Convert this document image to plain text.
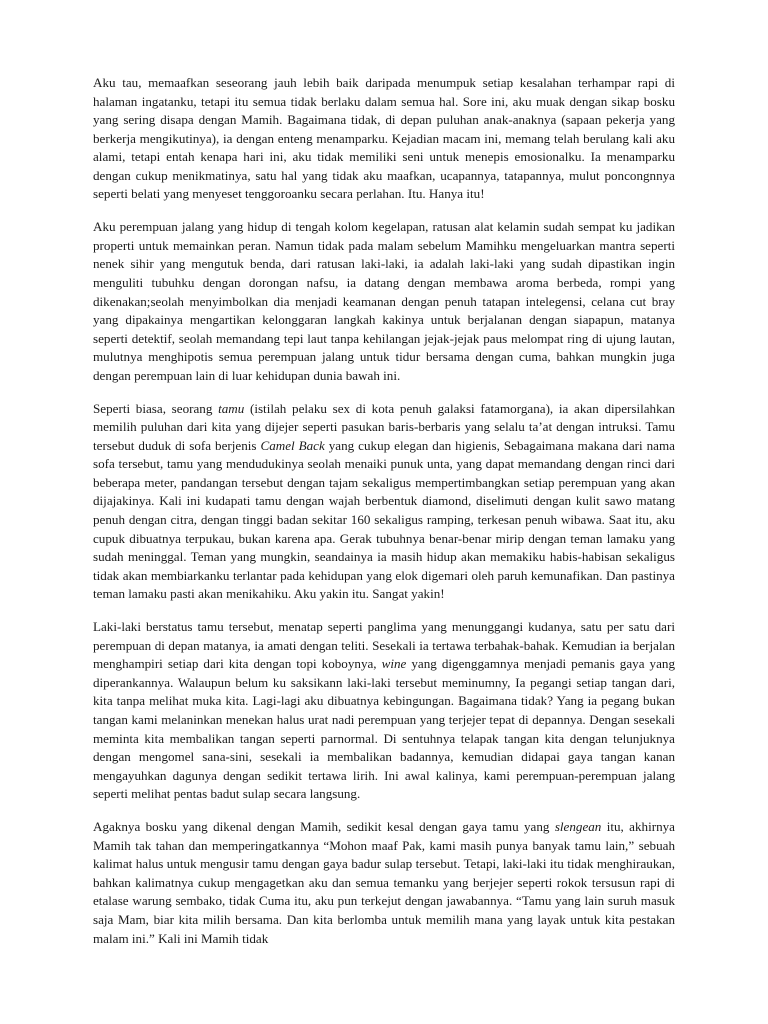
Aku tau, memaafkan seseorang jauh lebih baik daripada menumpuk setiap kesalahan terhampar rapi di halaman ingatanku, tetapi itu semua tidak berlaku dalam semua hal. Sore ini, aku muak dengan sikap bosku yang sering disapa dengan Mamih. Bagaimana tidak, di depan puluhan anak-anaknya (sapaan pekerja yang berkerja mengikutinya), ia dengan enteng menamparku. Kejadian macam ini, memang telah berulang kali aku alami, tetapi entah kenapa hari ini, aku tidak memiliki seni untuk menepis emosionalku. Ia menamparku dengan cukup menikmatinya, satu hal yang tidak aku maafkan, ucapannya, tatapannya, mulut poncongnnya seperti belati yang menyeset tenggoroanku secara perlahan. Itu. Hanya itu!

Aku perempuan jalang yang hidup di tengah kolom kegelapan, ratusan alat kelamin sudah sempat ku jadikan properti untuk memainkan peran. Namun tidak pada malam sebelum Mamihku mengeluarkan mantra seperti nenek sihir yang mengutuk benda, dari ratusan laki-laki, ia adalah laki-laki yang sudah dipastikan ingin menguliti tubuhku dengan dorongan nafsu, ia datang dengan membawa aroma berbeda, rompi yang dikenakan;seolah menyimbolkan dia menjadi keamanan dengan penuh tatapan intelegensi, celana cut bray yang dipakainya mengartikan kelonggaran langkah kakinya untuk berjalanan dengan siapapun, matanya seperti detektif, seolah memandang tepi laut tanpa kehilangan jejak-jejak paus melompat ring di ujung lautan, mulutnya menghipotis semua perempuan jalang untuk tidur bersama dengan cuma, bahkan mungkin juga dengan perempuan lain di luar kehidupan dunia bawah ini.

Seperti biasa, seorang tamu (istilah pelaku sex di kota penuh galaksi fatamorgana), ia akan dipersilahkan memilih puluhan dari kita yang dijejer seperti pasukan baris-berbaris yang selalu ta’at dengan intruksi. Tamu tersebut duduk di sofa berjenis Camel Back yang cukup elegan dan higienis, Sebagaimana makana dari nama sofa tersebut, tamu yang mendudukinya seolah menaiki punuk unta, yang dapat memandang dengan rinci dari beberapa meter, pandangan tersebut dengan tajam sekaligus mempertimbangkan setiap perempuan yang akan dijajakinya. Kali ini kudapati tamu dengan wajah berbentuk diamond, diselimuti dengan kulit sawo matang penuh dengan citra, dengan tinggi badan sekitar 160 sekaligus ramping, terkesan penuh wibawa. Saat itu, aku cupuk dibuatnya terpukau, bukan karena apa. Gerak tubuhnya benar-benar mirip dengan teman lamaku yang sudah meninggal. Teman yang mungkin, seandainya ia masih hidup akan memakiku habis-habisan sekaligus tidak akan membiarkanku terlantar pada kehidupan yang elok digemari oleh paruh kemunafikan. Dan pastinya teman lamaku pasti akan menikahiku. Aku yakin itu. Sangat yakin!

Laki-laki berstatus tamu tersebut, menatap seperti panglima yang menunggangi kudanya, satu per satu dari perempuan di depan matanya, ia amati dengan teliti. Sesekali ia tertawa terbahak-bahak. Kemudian ia berjalan menghampiri setiap dari kita dengan topi koboynya, wine yang digenggamnya menjadi pemanis gaya yang diperankannya. Walaupun belum ku saksikann laki-laki tersebut meminumny, Ia pegangi setiap tangan dari, kita tanpa melihat muka kita. Lagi-lagi aku dibuatnya kebingungan. Bagaimana tidak? Yang ia pegang bukan tangan kami melaninkan menekan halus urat nadi perempuan yang terjejer tepat di depannya. Dengan sesekali meminta kita membalikan tangan seperti parnormal. Di sentuhnya telapak tangan kita dengan telunjuknya dengan mengomel sana-sini, sesekali ia membalikan badannya, kemudian didapai gaya tangan kanan mengayuhkan dagunya dengan sedikit tertawa lirih. Ini awal kalinya, kami perempuan-perempuan jalang seperti melihat pentas badut sulap secara langsung.

Agaknya bosku yang dikenal dengan Mamih, sedikit kesal dengan gaya tamu yang slengean itu, akhirnya Mamih tak tahan dan memperingatkannya “Mohon maaf Pak, kami masih punya banyak tamu lain,” sebuah kalimat halus untuk mengusir tamu dengan gaya badur sulap tersebut. Tetapi, laki-laki itu tidak menghiraukan, bahkan kalimatnya cukup mengagetkan aku dan semua temanku yang berjejer seperti rokok tersusun rapi di etalase warung sembako, tidak Cuma itu, aku pun terkejut dengan jawabannya. “Tamu yang lain suruh masuk saja Mam, biar kita milih bersama. Dan kita berlomba untuk memilih mana yang layak untuk kita pestakan malam ini.” Kali ini Mamih tidak
